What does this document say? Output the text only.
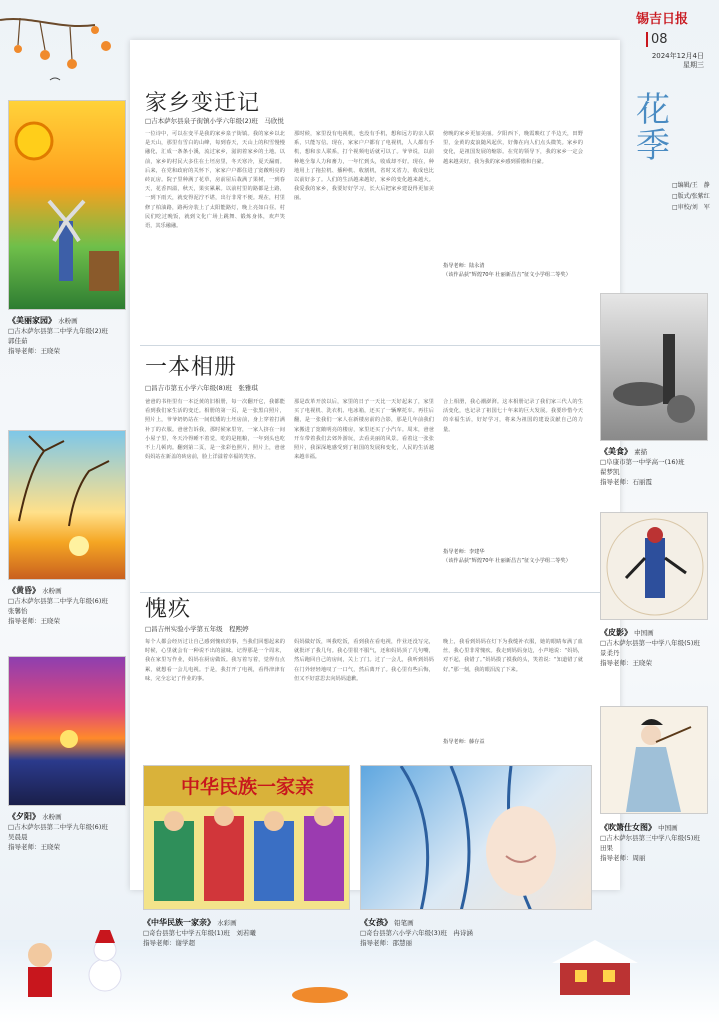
锡吉日报
08
2024年12月4日
星期三
花季
□编辑/王　静
□版式/张紫红
□审校/刘　军
《美丽家园》 水粉画
□吉木萨尔县第二中学九年级(2)班
郭佳茹
指导老师：王晓荣
《黄昏》 水粉画
□吉木萨尔县第二中学九年级(6)班
张馨怡
指导老师：王晓荣
《夕阳》 水粉画
□吉木萨尔县第二中学九年级(6)班
吴晨晨
指导老师：王晓荣
家乡变迁记
□吉本萨尔县泉子街镇小学六年级(2)班　马欣悦
一位诗中，可以在变平是我的家乡泉子街镇。我的家乡以北是天山，那里有雪白的山峰，每到春天，天山上的积雪慢慢融化，汇成一条条小溪，流过家乡，滋润着家乡的土地。以前，家乡的村民大多住在土坯房里，冬天寒冷，夏天漏雨。后来，在党和政府的关怀下，家家户户都住进了宽敞明亮的砖瓦房。院子里种满了花草，房前屋后栽满了果树，一到春天，花香四溢，秋天，果实累累。以前村里的路都是土路，一到下雨天，就变得泥泞不堪，出行非常不便。现在，村里修了柏油路，路两旁装上了太阳能路灯，晚上亮如白昼。村民们吃过晚饭，就到文化广场上跳舞、锻炼身体，欢声笑语，其乐融融。
那时候，家里没有电视机，也没有手机，想和远方的亲人联系，只能写信。现在，家家户户都有了电视机，人人都有手机，想和亲人联系，打个视频电话就可以了。爷爷说，以前种地全靠人力和畜力，一年忙到头，收成却不好。现在，种地用上了拖拉机、播种机、收割机，省时又省力，收成也比以前好多了。人们的生活越来越好，家乡的变化越来越大。我爱我的家乡，我要好好学习，长大后把家乡建设得更加美丽。
傍晚的家乡更加美丽。夕阳西下，晚霞映红了半边天，田野里，金黄的麦浪随风起伏，好像在向人们点头微笑。家乡的变化，是祖国发展的缩影。在党的领导下，我的家乡一定会越来越美好，我为我的家乡感到骄傲和自豪。
指导老师：陆永清
（该作品获“辉煌70年 壮丽新昌吉”征文小学组二等奖）
一本相册
□昌吉市第五小学六年级(8)班　张雅琪
爸爸的书柜里有一本泛黄的旧相册，每一次翻开它，我都能看到我们家生活的变迁。相册的第一页，是一张黑白照片，照片上，爷爷奶奶站在一间低矮的土坯房前，身上穿着打满补丁的衣服。爸爸告诉我，那时候家里穷，一家人挤在一间小屋子里，冬天冷得睡不着觉，吃的是粗粮，一年到头也吃不上几顿肉。翻到第二页，是一张彩色照片，照片上，爸爸妈妈站在新盖的砖房前，脸上洋溢着幸福的笑容。
那是改革开放以后，家里的日子一天比一天好起来了，家里买了电视机、洗衣机、电冰箱，还买了一辆摩托车。再往后翻，是一张我们一家人在新楼房前的合影，那是几年前我们家搬进了宽敞明亮的楼房，家里还买了小汽车。周末，爸爸开车带着我们去郊外游玩，去看美丽的风景。看着这一张张照片，我深深地感受到了祖国的发展和变化，人民的生活越来越幸福。
合上相册，我心潮澎湃。这本相册记录了我们家三代人的生活变化，也记录了祖国七十年来的巨大发展。我要珍惜今天的幸福生活，好好学习，将来为祖国的建设贡献自己的力量。
指导老师：李建华
（该作品获“辉煌70年 壮丽新昌吉”征文小学组二等奖）
愧疚
□昌吉州实验小学第五年级　程熙婷
每个人都会经历过让自己感到愧疚的事，当我们回想起来的时候，心里就会有一种说不出的滋味。记得那是一个周末，我在家里写作业，妈妈在厨房做饭。我写着写着，觉得有点累，就想看一会儿电视。于是，我打开了电视，看得津津有味，完全忘记了作业的事。
妈妈做好饭，叫我吃饭，看到我在看电视，作业还没写完，就批评了我几句。我心里很不服气，还和妈妈顶了几句嘴，然后跑回自己的房间，关上了门。过了一会儿，我听到妈妈在门外轻轻地叹了一口气，然后离开了。我心里有些后悔，但又不好意思去向妈妈道歉。
晚上，我看到妈妈在灯下为我缝补衣服，她的眼睛布满了血丝，我心里非常愧疚。我走到妈妈身边，小声地说：“妈妈，对不起，我错了。”妈妈摸了摸我的头，笑着说：“知道错了就好。”那一刻，我的眼泪流了下来。
指导老师：藤存益
中华民族一家亲
《美食》 素描
□阜康市第一中学高一(16)班
翟梦凯
指导老师：石丽霞
《皮影》 中国画
□吉木萨尔县第一中学八年级(5)班
景柔丹
指导老师：王晓荣
《吹箫仕女图》 中国画
□吉木萨尔县第三中学八年级(5)班
田果
指导老师：周丽
《中华民族一家亲》 水彩画
□奇台县第七中学五年级(1)班　刘若曦
指导老师：谢学超
《女孩》 铅笔画
□奇台县第六小学六年级(3)班　冉诗涵
指导老师：邵慧丽
